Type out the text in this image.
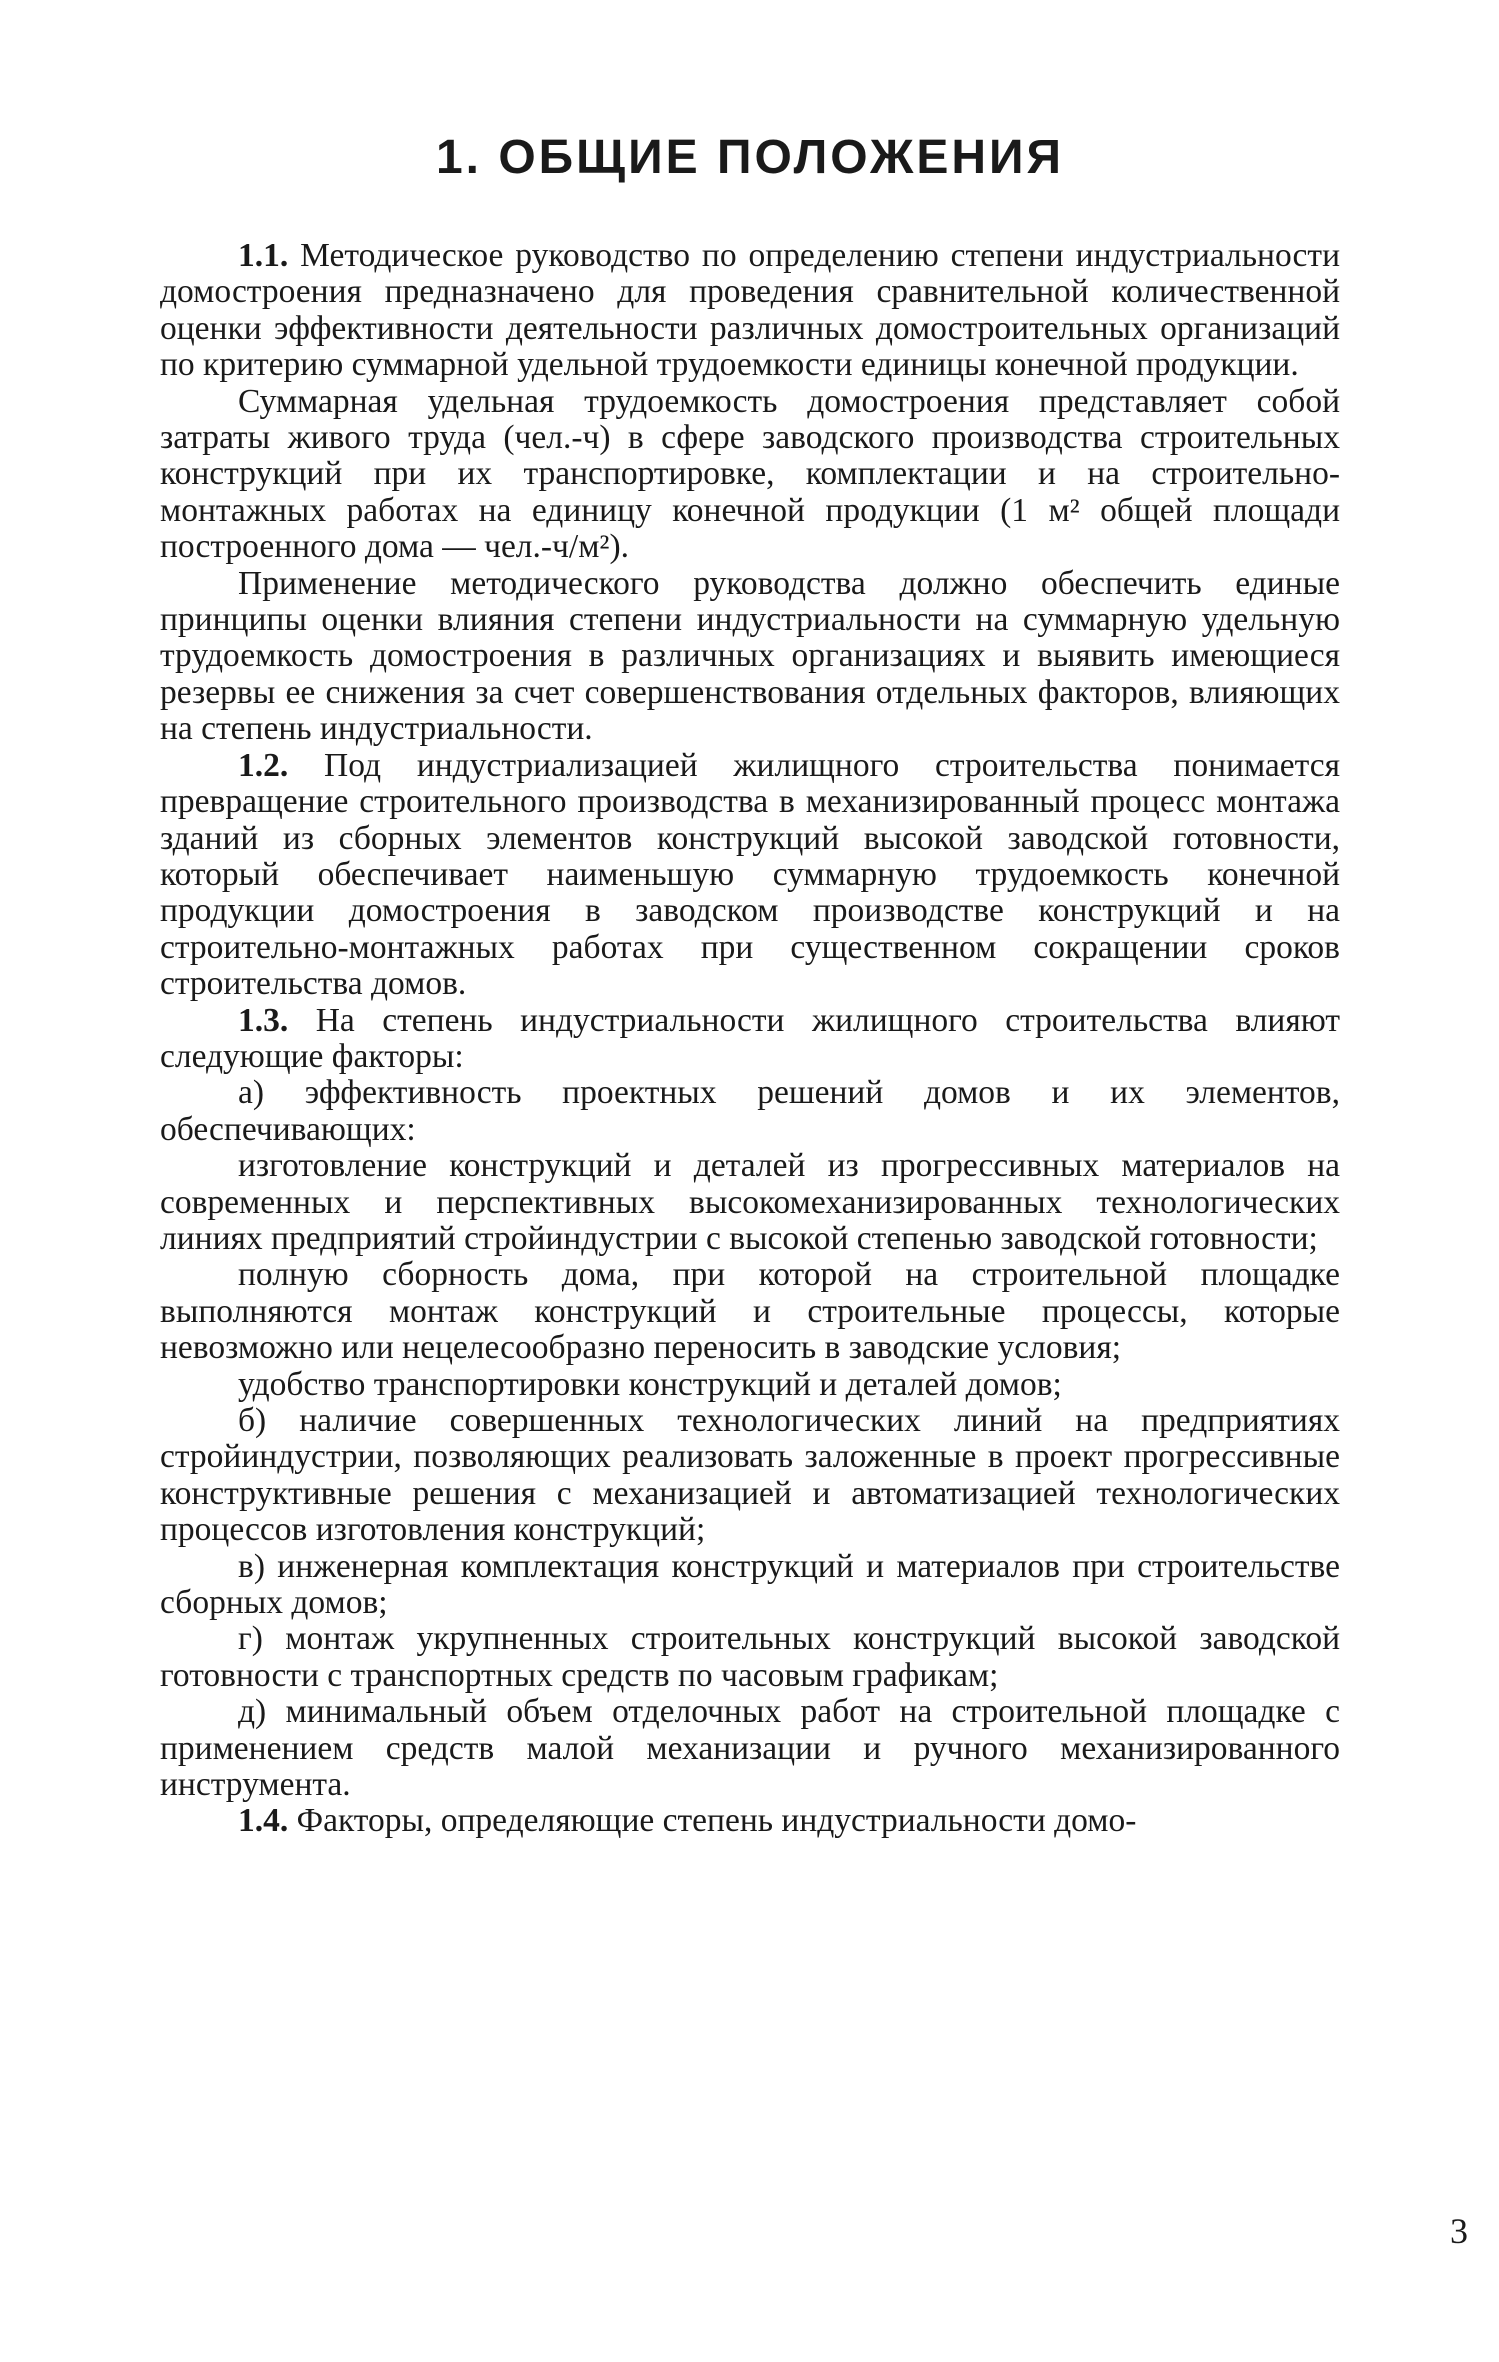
1. ОБЩИЕ ПОЛОЖЕНИЯ

1.1. Методическое руководство по определению степени индустриальности домостроения предназначено для проведения сравнительной количественной оценки эффективности деятельности различных домостроительных организаций по критерию суммарной удельной трудоемкости единицы конечной продукции.

Суммарная удельная трудоемкость домостроения представляет собой затраты живого труда (чел.-ч) в сфере заводского производства строительных конструкций при их транспортировке, комплектации и на строительно-монтажных работах на единицу конечной продукции (1 м² общей площади построенного дома — чел.-ч/м²).

Применение методического руководства должно обеспечить единые принципы оценки влияния степени индустриальности на суммарную удельную трудоемкость домостроения в различных организациях и выявить имеющиеся резервы ее снижения за счет совершенствования отдельных факторов, влияющих на степень индустриальности.

1.2. Под индустриализацией жилищного строительства понимается превращение строительного производства в механизированный процесс монтажа зданий из сборных элементов конструкций высокой заводской готовности, который обеспечивает наименьшую суммарную трудоемкость конечной продукции домостроения в заводском производстве конструкций и на строительно-монтажных работах при существенном сокращении сроков строительства домов.

1.3. На степень индустриальности жилищного строительства влияют следующие факторы:

а) эффективность проектных решений домов и их элементов, обеспечивающих:

изготовление конструкций и деталей из прогрессивных материалов на современных и перспективных высокомеханизированных технологических линиях предприятий стройиндустрии с высокой степенью заводской готовности;

полную сборность дома, при которой на строительной площадке выполняются монтаж конструкций и строительные процессы, которые невозможно или нецелесообразно переносить в заводские условия;

удобство транспортировки конструкций и деталей домов;

б) наличие совершенных технологических линий на предприятиях стройиндустрии, позволяющих реализовать заложенные в проект прогрессивные конструктивные решения с механизацией и автоматизацией технологических процессов изготовления конструкций;

в) инженерная комплектация конструкций и материалов при строительстве сборных домов;

г) монтаж укрупненных строительных конструкций высокой заводской готовности с транспортных средств по часовым графикам;

д) минимальный объем отделочных работ на строительной площадке с применением средств малой механизации и ручного механизированного инструмента.

1.4. Факторы, определяющие степень индустриальности домо-

3
